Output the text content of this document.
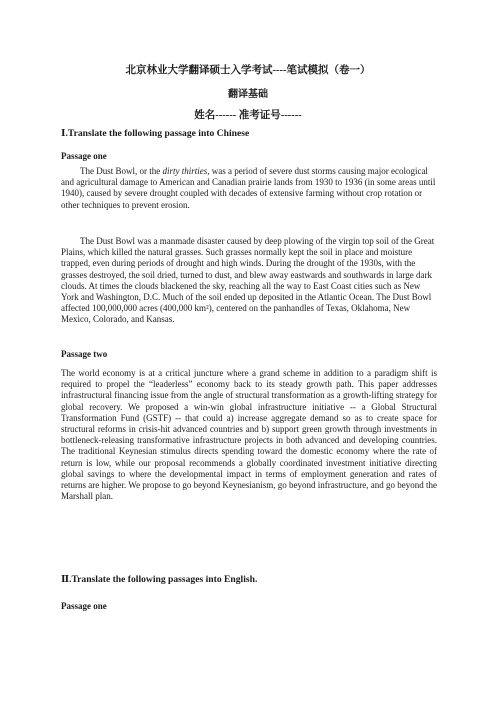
北京林业大学翻译硕士入学考试----笔试模拟（卷一）
翻译基础
姓名------ 准考证号------
Ⅰ.Translate the following passage into Chinese
Passage one

The Dust Bowl, or the dirty thirties, was a period of severe dust storms causing major ecological and agricultural damage to American and Canadian prairie lands from 1930 to 1936 (in some areas until 1940), caused by severe drought coupled with decades of extensive farming without crop rotation or other techniques to prevent erosion.

The Dust Bowl was a manmade disaster caused by deep plowing of the virgin top soil of the Great Plains, which killed the natural grasses. Such grasses normally kept the soil in place and moisture trapped, even during periods of drought and high winds. During the drought of the 1930s, with the grasses destroyed, the soil dried, turned to dust, and blew away eastwards and southwards in large dark clouds. At times the clouds blackened the sky, reaching all the way to East Coast cities such as New York and Washington, D.C. Much of the soil ended up deposited in the Atlantic Ocean. The Dust Bowl affected 100,000,000 acres (400,000 km²), centered on the panhandles of Texas, Oklahoma, New Mexico, Colorado, and Kansas.

Passage two

The world economy is at a critical juncture where a grand scheme in addition to a paradigm shift is required to propel the “leaderless” economy back to its steady growth path. This paper addresses infrastructural financing issue from the angle of structural transformation as a growth-lifting strategy for global recovery. We proposed a win-win global infrastructure initiative -- a Global Structural Transformation Fund (GSTF) -- that could a) increase aggregate demand so as to create space for structural reforms in crisis-hit advanced countries and b) support green growth through investments in bottleneck-releasing transformative infrastructure projects in both advanced and developing countries. The traditional Keynesian stimulus directs spending toward the domestic economy where the rate of return is low, while our proposal recommends a globally coordinated investment initiative directing global savings to where the developmental impact in terms of employment generation and rates of returns are higher. We propose to go beyond Keynesianism, go beyond infrastructure, and go beyond the Marshall plan.

Ⅱ.Translate the following passages into English.
Passage one
